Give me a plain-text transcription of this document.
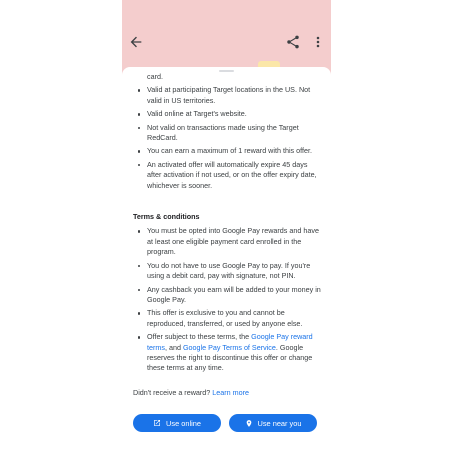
card.
Valid at participating Target locations in the US. Not valid in US territories.
Valid online at Target's website.
Not valid on transactions made using the Target RedCard.
You can earn a maximum of 1 reward with this offer.
An activated offer will automatically expire 45 days after activation if not used, or on the offer expiry date, whichever is sooner.
Terms & conditions
You must be opted into Google Pay rewards and have at least one eligible payment card enrolled in the program.
You do not have to use Google Pay to pay. If you're using a debit card, pay with signature, not PIN.
Any cashback you earn will be added to your money in Google Pay.
This offer is exclusive to you and cannot be reproduced, transferred, or used by anyone else.
Offer subject to these terms, the Google Pay reward terms, and Google Pay Terms of Service. Google reserves the right to discontinue this offer or change these terms at any time.
Didn't receive a reward? Learn more
Use online	Use near you
